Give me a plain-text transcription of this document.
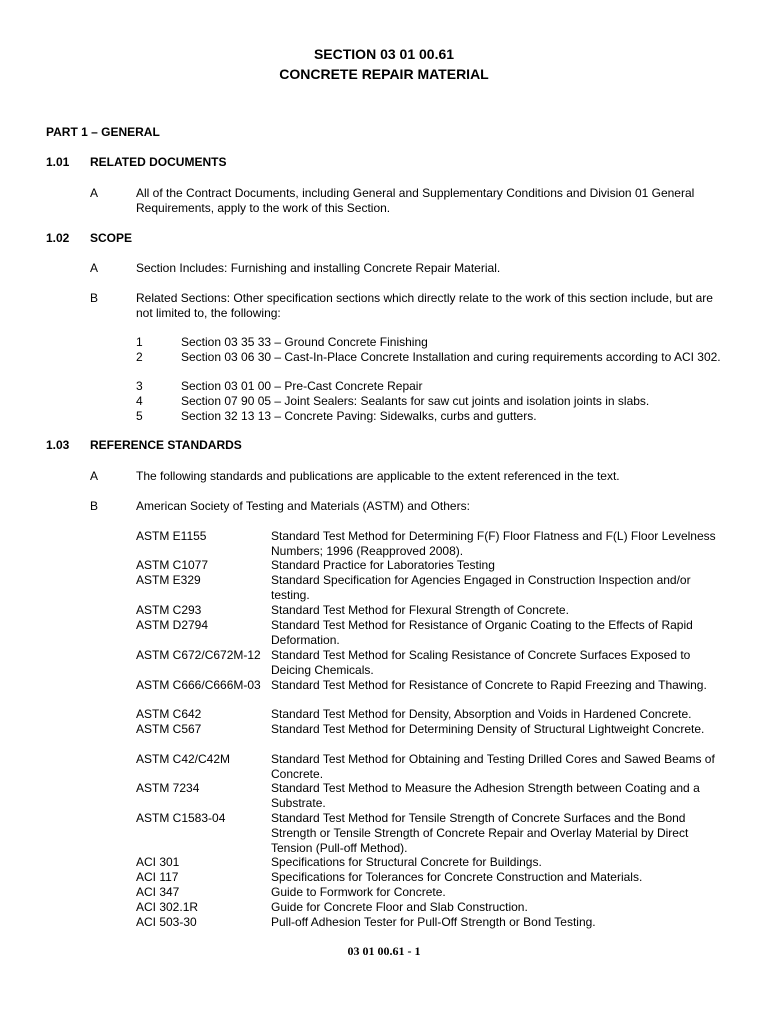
SECTION 03 01 00.61
CONCRETE REPAIR MATERIAL
PART 1 – GENERAL
1.01 RELATED DOCUMENTS
A	All of the Contract Documents, including General and Supplementary Conditions and Division 01 General Requirements, apply to the work of this Section.
1.02 SCOPE
A	Section Includes: Furnishing and installing Concrete Repair Material.
B	Related Sections: Other specification sections which directly relate to the work of this section include, but are not limited to, the following:
1	Section 03 35 33 – Ground Concrete Finishing
2	Section 03 06 30 – Cast-In-Place Concrete Installation and curing requirements according to ACI 302.
3	Section 03 01 00 – Pre-Cast Concrete Repair
4	Section 07 90 05 – Joint Sealers: Sealants for saw cut joints and isolation joints in slabs.
5	Section 32 13 13 – Concrete Paving: Sidewalks, curbs and gutters.
1.03 REFERENCE STANDARDS
A	The following standards and publications are applicable to the extent referenced in the text.
B	American Society of Testing and Materials (ASTM) and Others:
ASTM E1155	Standard Test Method for Determining F(F) Floor Flatness and F(L) Floor Levelness Numbers; 1996 (Reapproved 2008).
ASTM C1077	Standard Practice for Laboratories Testing
ASTM E329	Standard Specification for Agencies Engaged in Construction Inspection and/or testing.
ASTM C293	Standard Test Method for Flexural Strength of Concrete.
ASTM D2794	Standard Test Method for Resistance of Organic Coating to the Effects of Rapid Deformation.
ASTM C672/C672M-12 Standard Test Method for Scaling Resistance of Concrete Surfaces Exposed to Deicing Chemicals.
ASTM C666/C666M-03 Standard Test Method for Resistance of Concrete to Rapid Freezing and Thawing.
ASTM C642	Standard Test Method for Density, Absorption and Voids in Hardened Concrete.
ASTM C567	Standard Test Method for Determining Density of Structural Lightweight Concrete.
ASTM C42/C42M	Standard Test Method for Obtaining and Testing Drilled Cores and Sawed Beams of Concrete.
ASTM 7234	Standard Test Method to Measure the Adhesion Strength between Coating and a Substrate.
ASTM C1583-04	Standard Test Method for Tensile Strength of Concrete Surfaces and the Bond Strength or Tensile Strength of Concrete Repair and Overlay Material by Direct Tension (Pull-off Method).
ACI 301	Specifications for Structural Concrete for Buildings.
ACI 117	Specifications for Tolerances for Concrete Construction and Materials.
ACI 347	Guide to Formwork for Concrete.
ACI 302.1R	Guide for Concrete Floor and Slab Construction.
ACI 503-30	Pull-off Adhesion Tester for Pull-Off Strength or Bond Testing.
03 01 00.61 - 1
